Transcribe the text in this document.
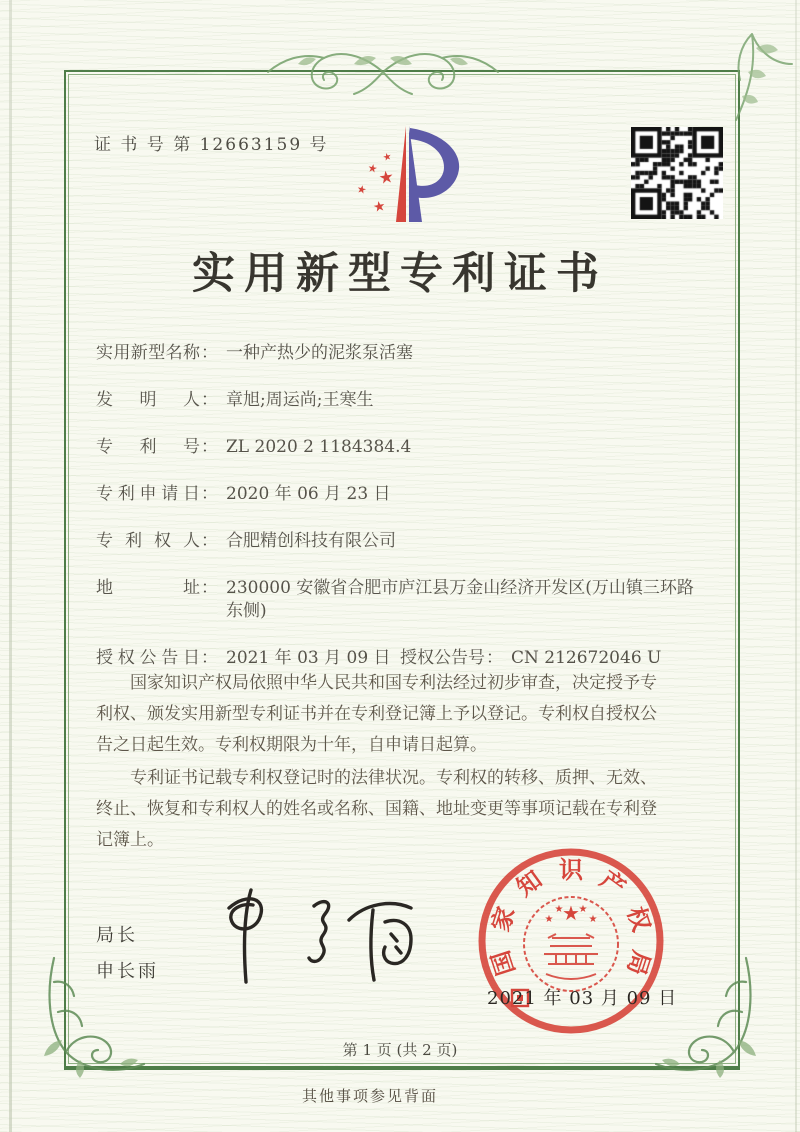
证 书 号 第 12663159 号
★
★
★
★
★
实用新型专利证书
实用新型名称 ： 一种产热少的泥浆泵活塞
发明人 ： 章旭;周运尚;王寒生
专利号 ： ZL 2020 2 1184384.4
专利申请日 ： 2020 年 06 月 23 日
专利权人 ： 合肥精创科技有限公司
地址 ： 230000 安徽省合肥市庐江县万金山经济开发区(万山镇三环路东侧)
授权公告日 ： 2021 年 03 月 09 日 授权公告号 ： CN 212672046 U

国家知识产权局依照中华人民共和国专利法经过初步审查，决定授予专利权、颁发实用新型专利证书并在专利登记簿上予以登记。专利权自授权公告之日起生效。专利权期限为十年，自申请日起算。

专利证书记载专利权登记时的法律状况。专利权的转移、质押、无效、终止、恢复和专利权人的姓名或名称、国籍、地址变更等事项记载在专利登记簿上。

局长
申长雨	国
家
知 识 产
权
局
★
★
★ ★
★
2021 年 03 月 09 日
第 1 页 (共 2 页)
其他事项参见背面
